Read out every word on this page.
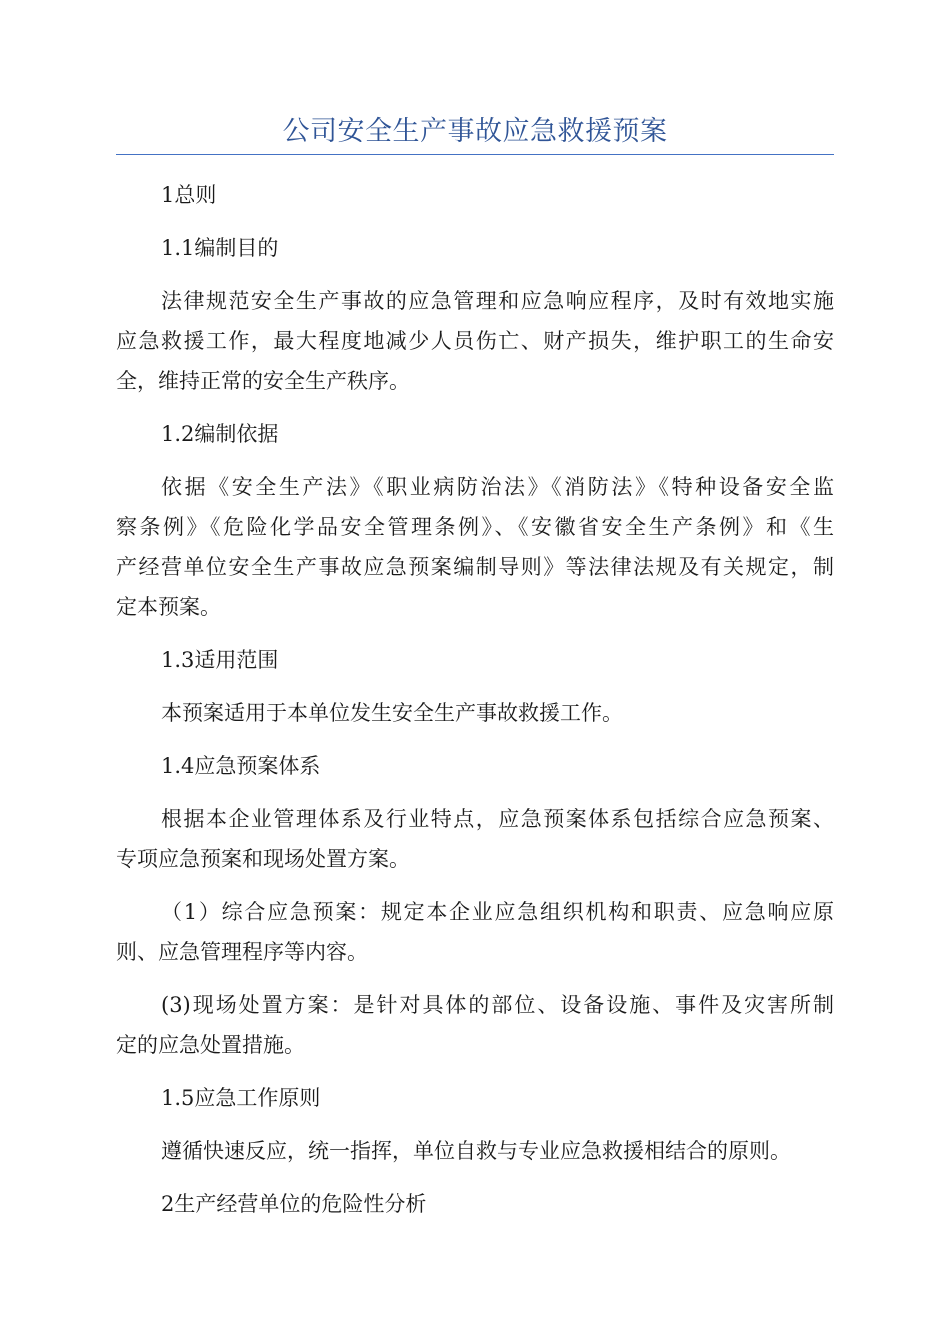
公司安全生产事故应急救援预案
1总则
1.1编制目的
法律规范安全生产事故的应急管理和应急响应程序，及时有效地实施
应急救援工作，最大程度地减少人员伤亡、财产损失，维护职工的生命安
全，维持正常的安全生产秩序。
1.2编制依据
依据《安全生产法》《职业病防治法》《消防法》《特种设备安全监
察条例》《危险化学品安全管理条例》、《安徽省安全生产条例》和《生
产经营单位安全生产事故应急预案编制导则》等法律法规及有关规定，制
定本预案。
1.3适用范围
本预案适用于本单位发生安全生产事故救援工作。
1.4应急预案体系
根据本企业管理体系及行业特点，应急预案体系包括综合应急预案、
专项应急预案和现场处置方案。
（1）综合应急预案：规定本企业应急组织机构和职责、应急响应原
则、应急管理程序等内容。
(3)现场处置方案：是针对具体的部位、设备设施、事件及灾害所制
定的应急处置措施。
1.5应急工作原则
遵循快速反应，统一指挥，单位自救与专业应急救援相结合的原则。
2生产经营单位的危险性分析
